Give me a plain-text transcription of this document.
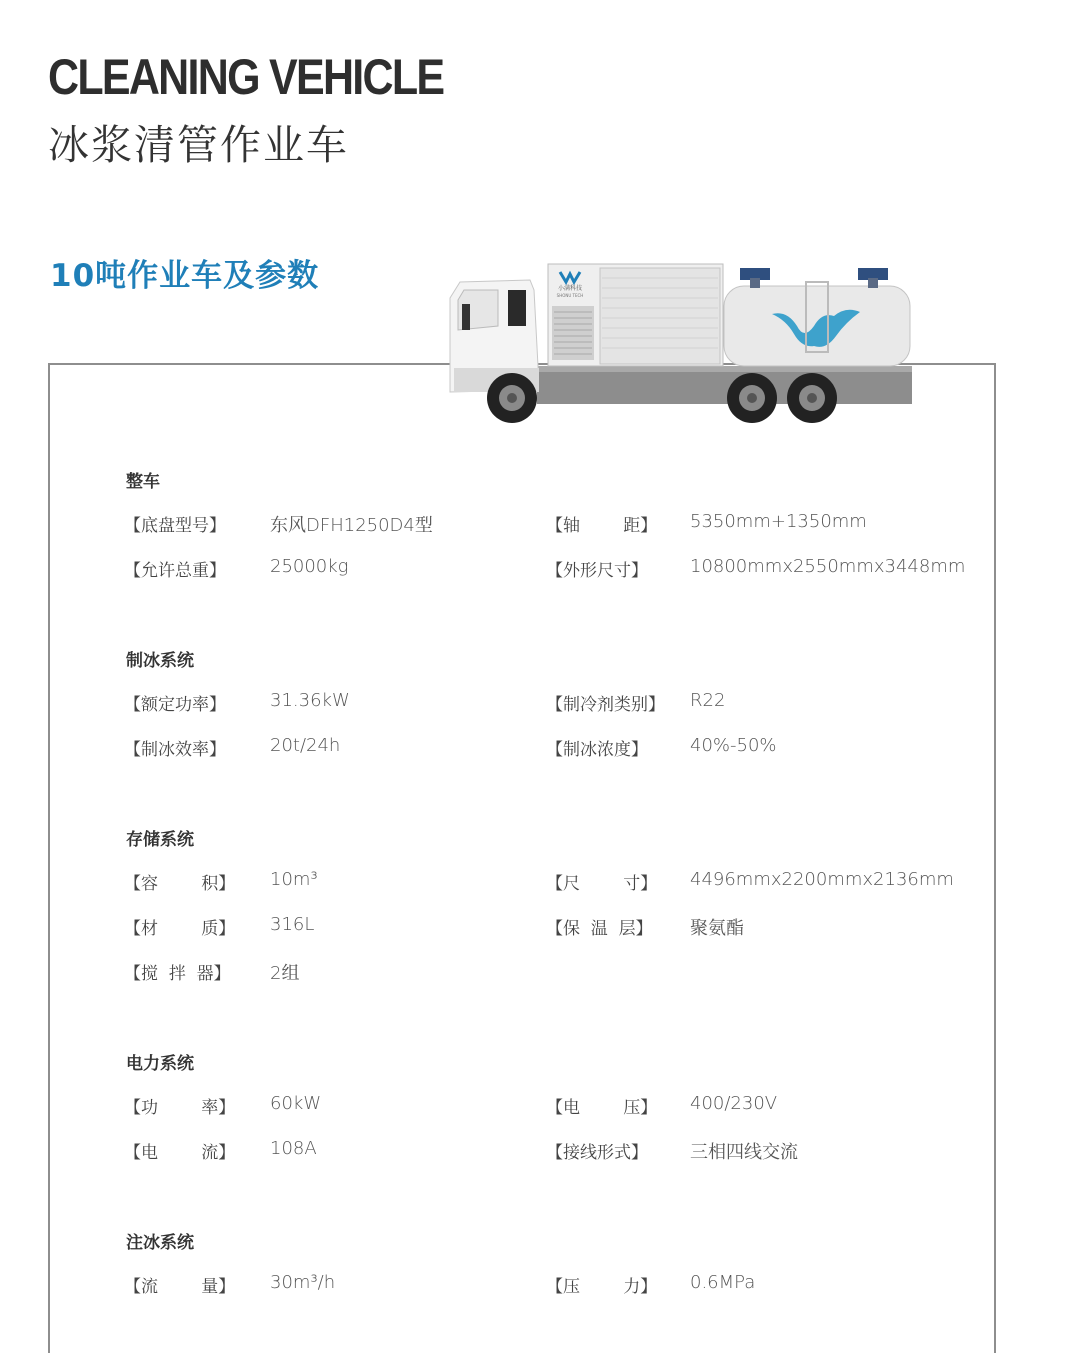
CLEANING VEHICLE
冰浆清管作业车
10吨作业车及参数	小满科技
SHONU TECH
整车
【底盘型号】 东风DFH1250D4型	【轴        距】 5350mm+1350mm
【允许总重】 25000kg	【外形尺寸】 10800mmx2550mmx3448mm
制冰系统
【额定功率】 31.36kW	【制冷剂类别】 R22
【制冰效率】 20t/24h	【制冰浓度】 40%-50%
存储系统
【容        积】 10m³	【尺        寸】 4496mmx2200mmx2136mm
【材        质】 316L	【保  温  层】 聚氨酯
【搅  拌  器】 2组
电力系统
【功        率】 60kW	【电        压】 400/230V
【电        流】 108A	【接线形式】 三相四线交流
注冰系统
【流        量】 30m³/h	【压        力】 0.6MPa
